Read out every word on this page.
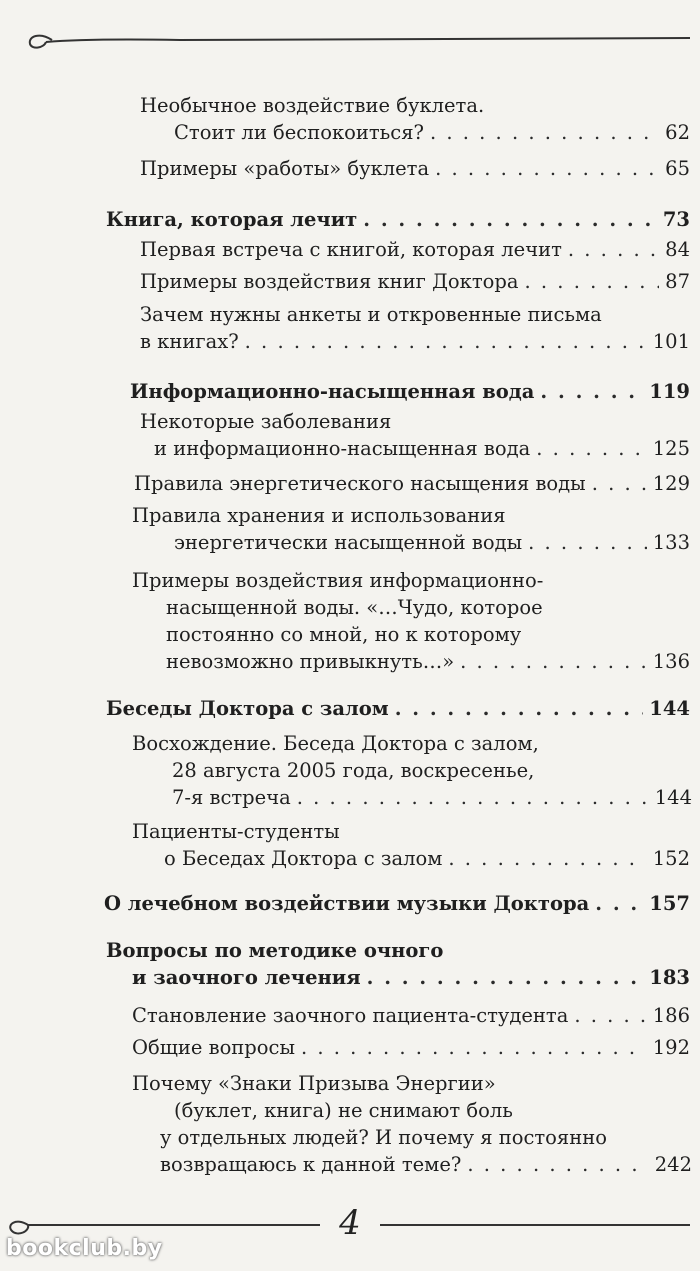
Необычное воздействие буклета.
Стоит ли беспокоиться? . . .	62
Примеры «работы» буклета . . .	65
Книга, которая лечит . . .	73
Первая встреча с книгой, которая лечит . . .	84
Примеры воздействия книг Доктора . . .	87
Зачем нужны анкеты и откровенные письма
в книгах? . . .	101
Информационно-насыщенная вода . . .	119
Некоторые заболевания
и информационно-насыщенная вода . . .	125
Правила энергетического насыщения воды . . .	129
Правила хранения и использования
энергетически насыщенной воды . . .	133
Примеры воздействия информационно-
насыщенной воды. «…Чудо, которое
постоянно со мной, но к которому
невозможно привыкнуть…» . . .	136
Беседы Доктора с залом . . .	144
Восхождение. Беседа Доктора с залом,
28 августа 2005 года, воскресенье,
7-я встреча . . .	144
Пациенты-студенты
о Беседах Доктора с залом . . .	152
О лечебном воздействии музыки Доктора . . .	157
Вопросы по методике очного
и заочного лечения . . .	183
Становление заочного пациента-студента . . .	186
Общие вопросы . . .	192
Почему «Знаки Призыва Энергии»
(буклет, книга) не снимают боль
у отдельных людей? И почему я постоянно
возвращаюсь к данной теме? . . .	242
4
bookclub.by
